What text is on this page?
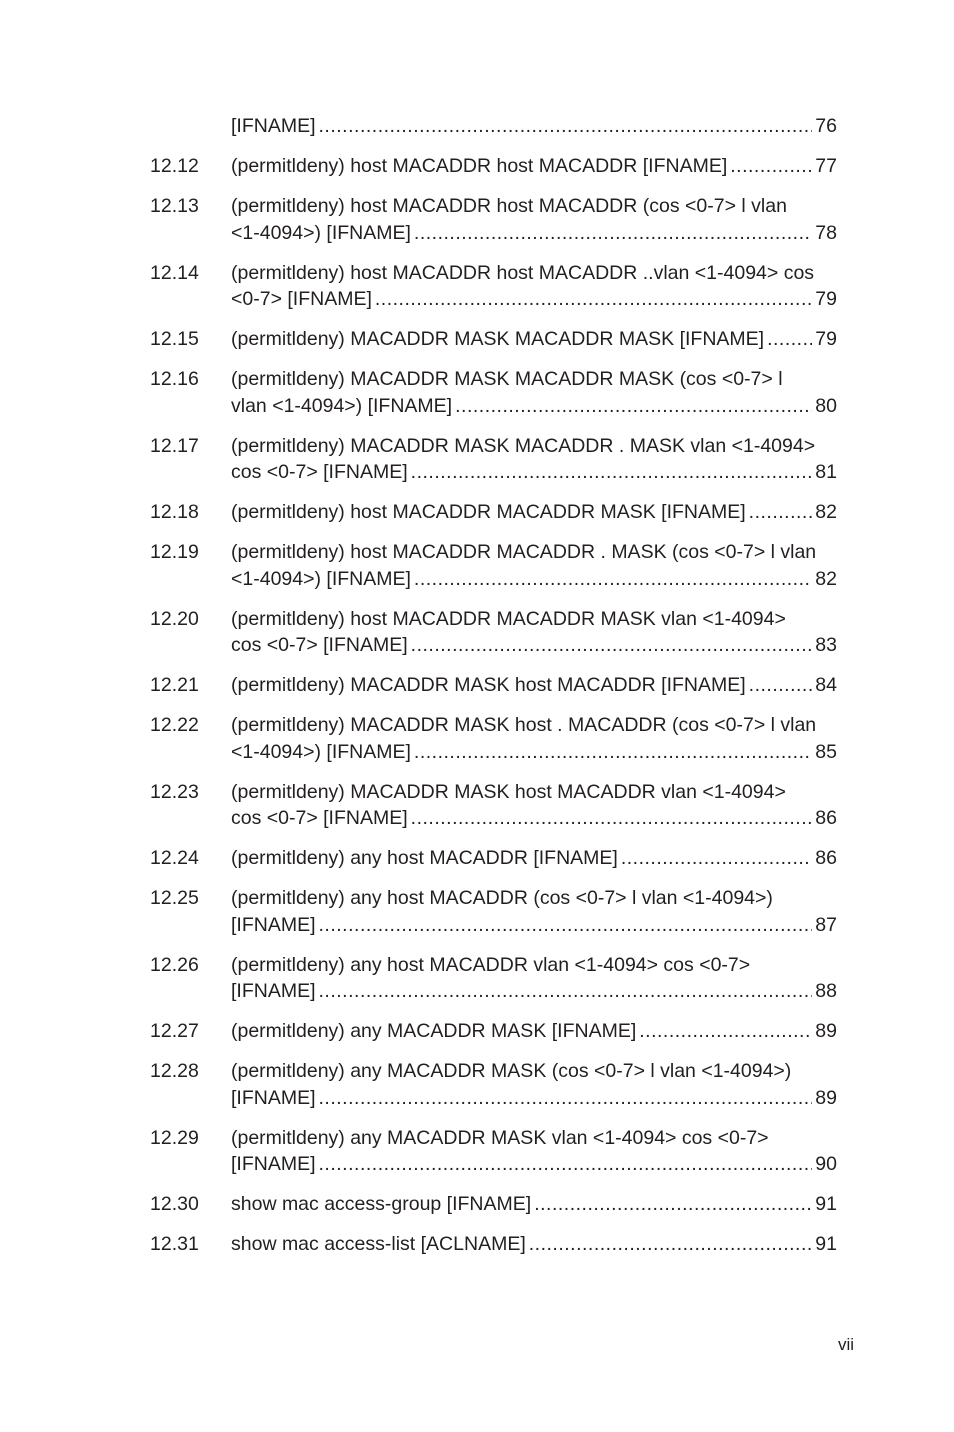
[IFNAME] .....	76
12.12	(permitldeny) host MACADDR host MACADDR [IFNAME] .....	77
12.13	(permitldeny) host MACADDR host MACADDR (cos <0-7> l vlan
<1-4094>) [IFNAME] .....	78
12.14	(permitldeny) host MACADDR host MACADDR ..vlan <1-4094> cos
<0-7> [IFNAME] .....	79
12.15	(permitldeny) MACADDR MASK MACADDR MASK [IFNAME] .....	79
12.16	(permitldeny) MACADDR MASK MACADDR MASK (cos <0-7> l
vlan <1-4094>) [IFNAME] .....	80
12.17	(permitldeny) MACADDR MASK MACADDR . MASK vlan <1-4094>
cos <0-7> [IFNAME] .....	81
12.18	(permitldeny) host MACADDR MACADDR MASK [IFNAME] .....	82
12.19	(permitldeny) host MACADDR MACADDR . MASK (cos <0-7> l vlan
<1-4094>) [IFNAME] .....	82
12.20	(permitldeny) host MACADDR MACADDR MASK vlan <1-4094>
cos <0-7> [IFNAME] .....	83
12.21	(permitldeny) MACADDR MASK host MACADDR [IFNAME] .....	84
12.22	(permitldeny) MACADDR MASK host . MACADDR (cos <0-7> l vlan
<1-4094>) [IFNAME] .....	85
12.23	(permitldeny) MACADDR MASK host MACADDR vlan <1-4094>
cos <0-7> [IFNAME] .....	86
12.24	(permitldeny) any host MACADDR [IFNAME] .....	86
12.25	(permitldeny) any host MACADDR (cos <0-7> l vlan <1-4094>)
[IFNAME] .....	87
12.26	(permitldeny) any host MACADDR vlan <1-4094> cos <0-7>
[IFNAME] .....	88
12.27	(permitldeny) any MACADDR MASK [IFNAME] .....	89
12.28	(permitldeny) any MACADDR MASK (cos <0-7> l vlan <1-4094>)
[IFNAME] .....	89
12.29	(permitldeny) any MACADDR MASK vlan <1-4094> cos <0-7>
[IFNAME] .....	90
12.30	show mac access-group [IFNAME] .....	91
12.31	show mac access-list [ACLNAME] .....	91
vii
